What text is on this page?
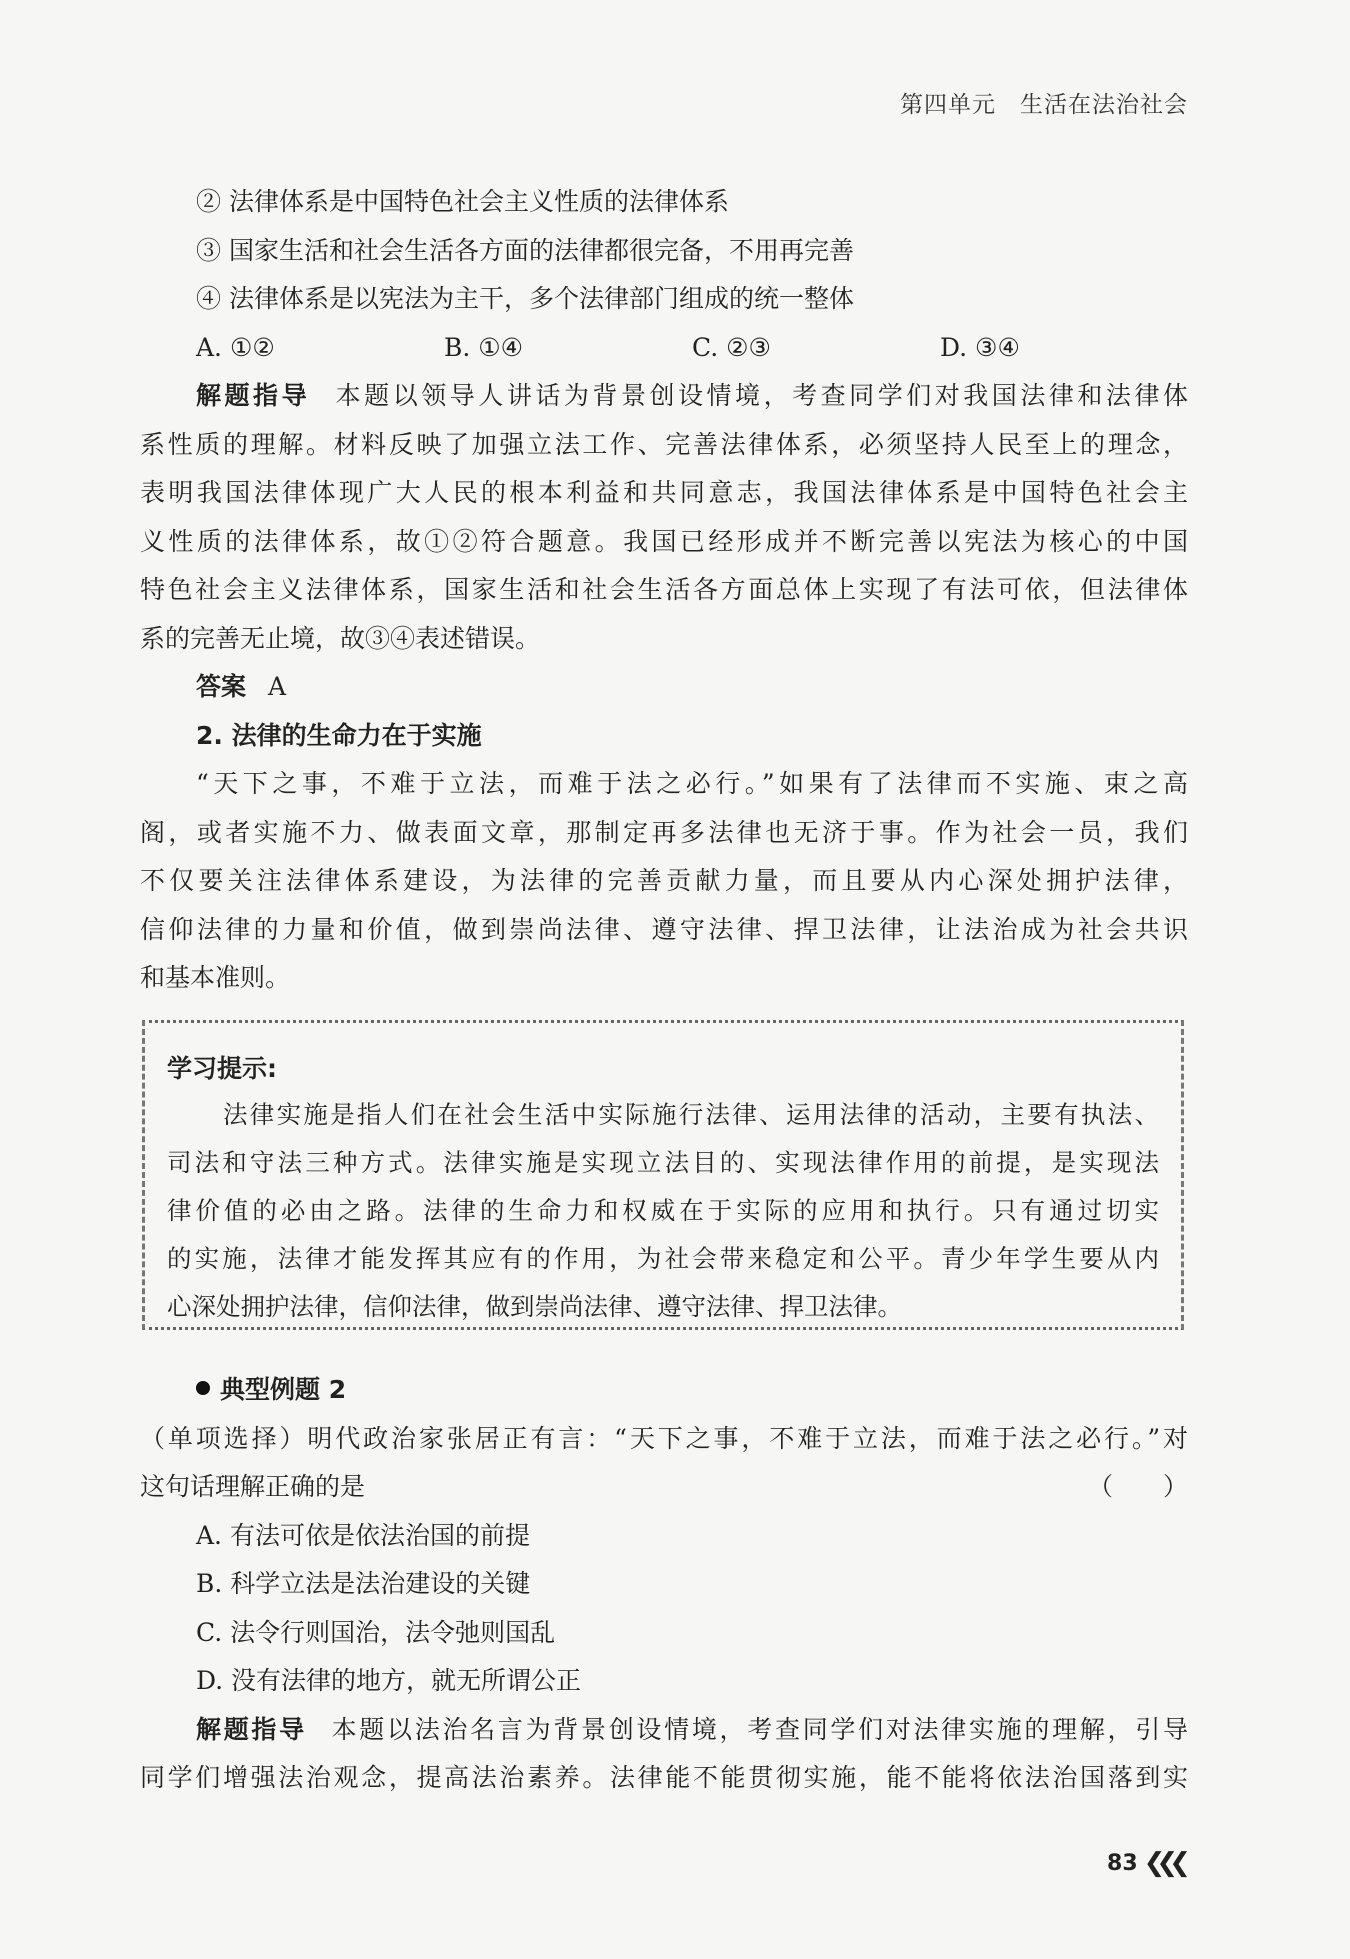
第四单元 生活在法治社会
② 法律体系是中国特色社会主义性质的法律体系
③ 国家生活和社会生活各方面的法律都很完备，不用再完善
④ 法律体系是以宪法为主干，多个法律部门组成的统一整体
A. ①②	B. ①④	C. ②③	D. ③④
解题指导 本题以领导人讲话为背景创设情境，考查同学们对我国法律和法律体
系性质的理解。材料反映了加强立法工作、完善法律体系，必须坚持人民至上的理念，
表明我国法律体现广大人民的根本利益和共同意志，我国法律体系是中国特色社会主
义性质的法律体系，故①②符合题意。我国已经形成并不断完善以宪法为核心的中国
特色社会主义法律体系，国家生活和社会生活各方面总体上实现了有法可依，但法律体
系的完善无止境，故③④表述错误。
答案 A
2. 法律的生命力在于实施
“天下之事，不难于立法，而难于法之必行。”如果有了法律而不实施、束之高
阁，或者实施不力、做表面文章，那制定再多法律也无济于事。作为社会一员，我们
不仅要关注法律体系建设，为法律的完善贡献力量，而且要从内心深处拥护法律，
信仰法律的力量和价值，做到崇尚法律、遵守法律、捍卫法律，让法治成为社会共识
和基本准则。
学习提示:
法律实施是指人们在社会生活中实际施行法律、运用法律的活动，主要有执法、
司法和守法三种方式。法律实施是实现立法目的、实现法律作用的前提，是实现法
律价值的必由之路。法律的生命力和权威在于实际的应用和执行。只有通过切实
的实施，法律才能发挥其应有的作用，为社会带来稳定和公平。青少年学生要从内
心深处拥护法律，信仰法律，做到崇尚法律、遵守法律、捍卫法律。
典型例题 2
（单项选择）明代政治家张居正有言：“天下之事，不难于立法，而难于法之必行。”对
这句话理解正确的是	（　　）
A. 有法可依是依法治国的前提
B. 科学立法是法治建设的关键
C. 法令行则国治，法令弛则国乱
D. 没有法律的地方，就无所谓公正
解题指导 本题以法治名言为背景创设情境，考查同学们对法律实施的理解，引导
同学们增强法治观念，提高法治素养。法律能不能贯彻实施，能不能将依法治国落到实
83 ❮❮❮
